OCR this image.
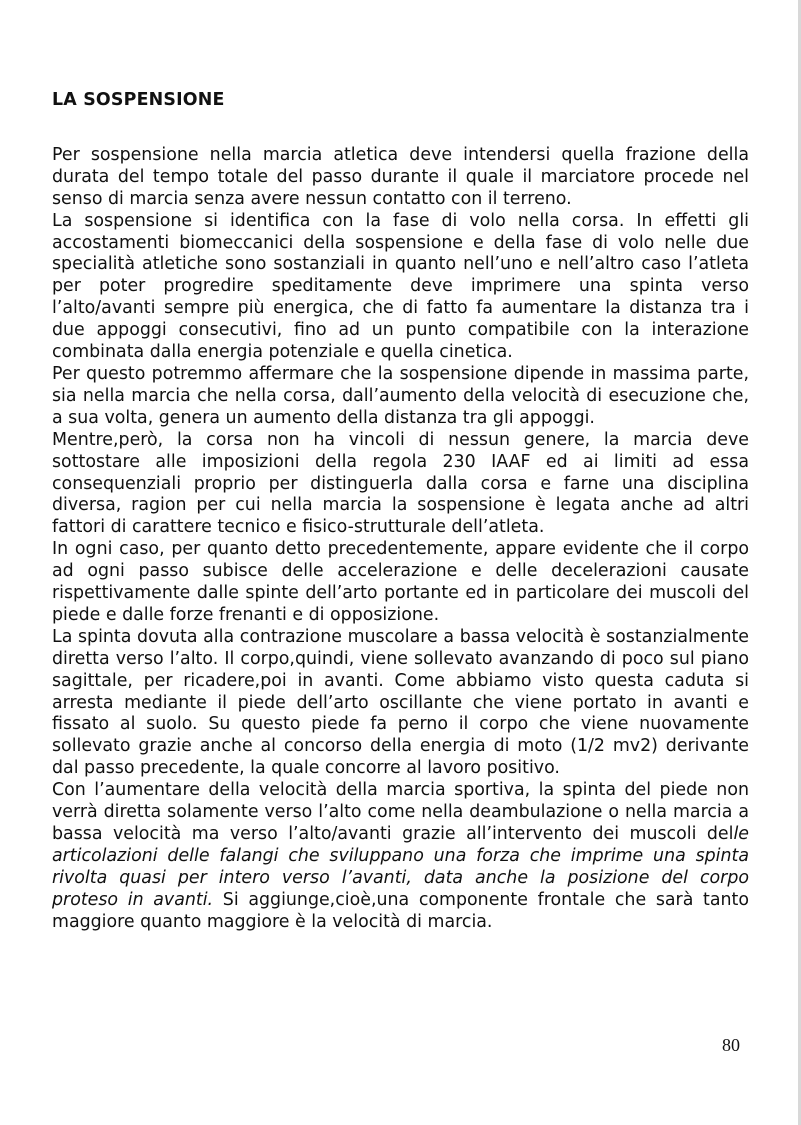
LA SOSPENSIONE

Per sospensione nella marcia atletica deve intendersi quella frazione della durata del tempo totale del passo durante il quale il marciatore procede nel senso di marcia senza avere nessun contatto con il terreno.

La sospensione si identifica con la fase di volo nella corsa. In effetti gli accostamenti biomeccanici della sospensione e della fase di volo nelle due specialità atletiche sono sostanziali in quanto nell’uno e nell’altro caso l’atleta per poter progredire speditamente deve imprimere una spinta verso l’alto/avanti sempre più energica, che di fatto fa aumentare la distanza tra i due appoggi consecutivi, fino ad un punto compatibile con la interazione combinata dalla energia potenziale e quella cinetica.

Per questo potremmo affermare che la sospensione dipende in massima parte, sia nella marcia che nella corsa, dall’aumento della velocità di esecuzione che, a sua volta, genera un aumento della distanza tra gli appoggi.

Mentre,però, la corsa non ha vincoli di nessun genere, la marcia deve sottostare alle imposizioni della regola 230 IAAF ed ai limiti ad essa consequenziali proprio per distinguerla dalla corsa e farne una disciplina diversa, ragion per cui nella marcia la sospensione è legata anche ad altri fattori di carattere tecnico e fisico-strutturale dell’atleta.

In ogni caso, per quanto detto precedentemente, appare evidente che il corpo ad ogni passo subisce delle accelerazione e delle decelerazioni causate rispettivamente dalle spinte dell’arto portante ed in particolare dei muscoli del piede e dalle forze frenanti e di opposizione.

La spinta dovuta alla contrazione muscolare a bassa velocità è sostanzialmente diretta verso l’alto. Il corpo,quindi, viene sollevato avanzando di poco sul piano sagittale, per ricadere,poi in avanti. Come abbiamo visto questa caduta si arresta mediante il piede dell’arto oscillante che viene portato in avanti e fissato al suolo. Su questo piede fa perno il corpo che viene nuovamente sollevato grazie anche al concorso della energia di moto (1/2 mv2) derivante dal passo precedente, la quale concorre al lavoro positivo.

Con l’aumentare della velocità della marcia sportiva, la spinta del piede non verrà diretta solamente verso l’alto come nella deambulazione o nella marcia a bassa velocità ma verso l’alto/avanti grazie all’intervento dei muscoli delle articolazioni delle falangi che sviluppano una forza che imprime una spinta rivolta quasi per intero verso l’avanti, data anche la posizione del corpo proteso in avanti. Si aggiunge,cioè,una componente frontale che sarà tanto maggiore quanto maggiore è la velocità di marcia.

80
